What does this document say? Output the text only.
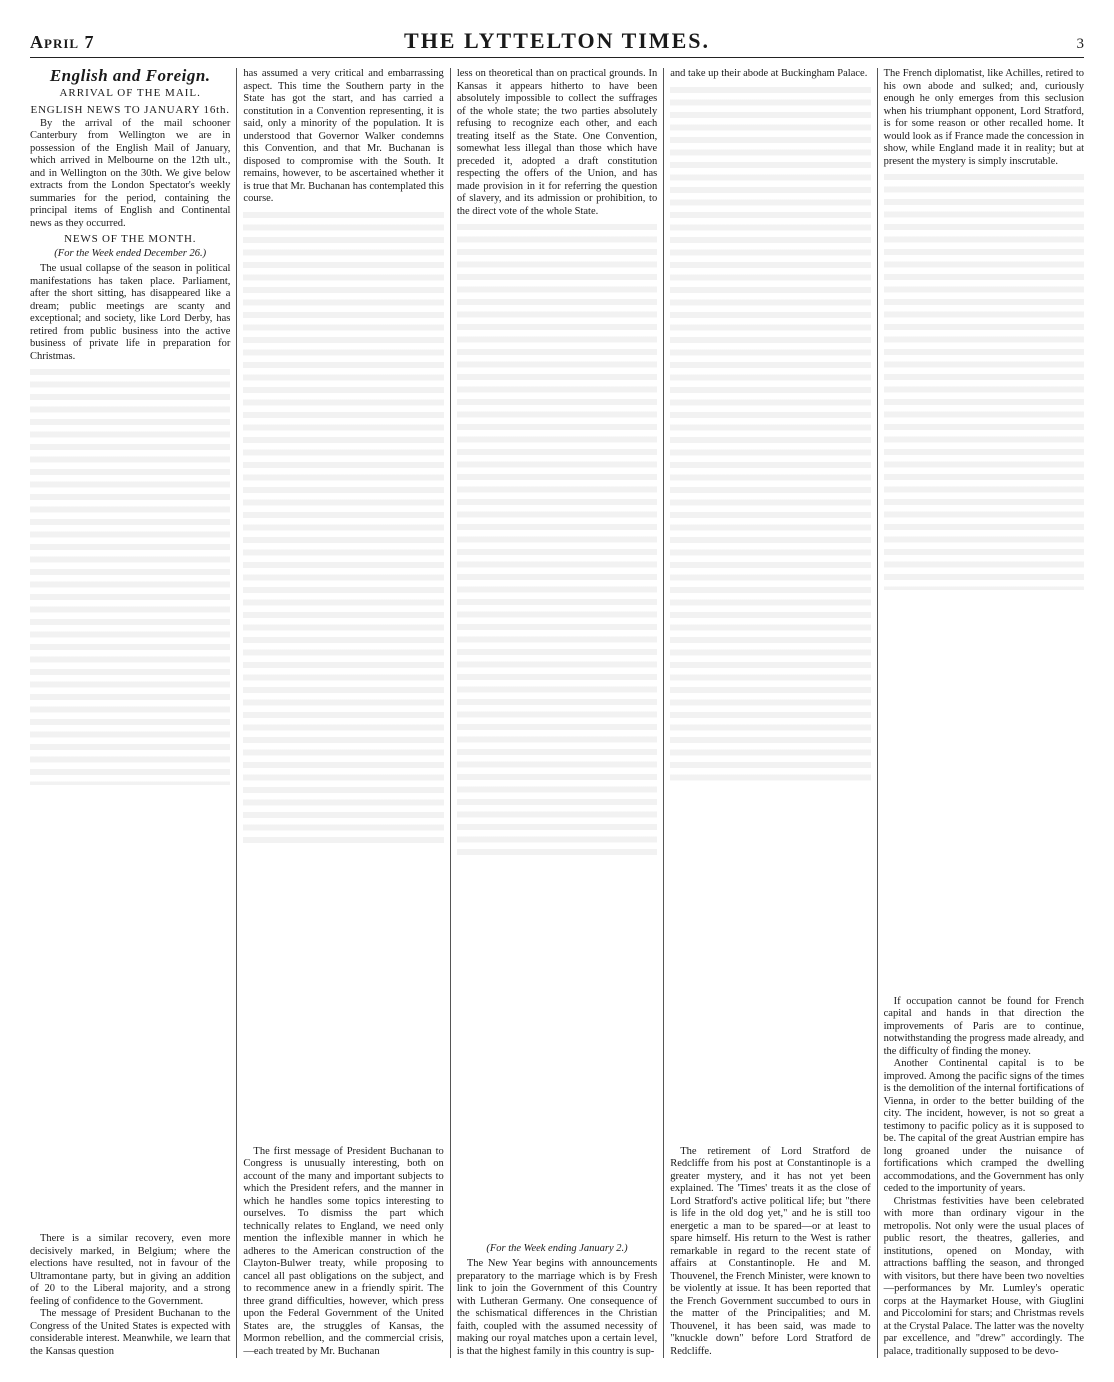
April 7	THE LYTTELTON TIMES.	3
English and Foreign.
ARRIVAL OF THE MAIL.
ENGLISH NEWS TO JANUARY 16th.

By the arrival of the mail schooner Canterbury from Wellington we are in possession of the English Mail of January, which arrived in Melbourne on the 12th ult., and in Wellington on the 30th. We give below extracts from the London Spectator's weekly summaries for the period, containing the principal items of English and Continental news as they occurred.

NEWS OF THE MONTH.
(For the Week ended December 26.)

The usual collapse of the season in political manifestations has taken place. Parliament, after the short sitting, has disappeared like a dream; public meetings are scanty and exceptional; and society, like Lord Derby, has retired from public business into the active business of private life in preparation for Christmas.

There is a similar recovery, even more decisively marked, in Belgium; where the elections have resulted, not in favour of the Ultramontane party, but in giving an addition of 20 to the Liberal majority, and a strong feeling of confidence to the Government.

The message of President Buchanan to the Congress of the United States is expected with considerable interest. Meanwhile, we learn that the Kansas question

has assumed a very critical and embarrassing aspect. This time the Southern party in the State has got the start, and has carried a constitution in a Convention representing, it is said, only a minority of the population. It is understood that Governor Walker condemns this Convention, and that Mr. Buchanan is disposed to compromise with the South. It remains, however, to be ascertained whether it is true that Mr. Buchanan has contemplated this course.

The first message of President Buchanan to Congress is unusually interesting, both on account of the many and important subjects to which the President refers, and the manner in which he handles some topics interesting to ourselves. To dismiss the part which technically relates to England, we need only mention the inflexible manner in which he adheres to the American construction of the Clayton-Bulwer treaty, while proposing to cancel all past obligations on the subject, and to recommence anew in a friendly spirit. The three grand difficulties, however, which press upon the Federal Government of the United States are, the struggles of Kansas, the Mormon rebellion, and the commercial crisis,—each treated by Mr. Buchanan

less on theoretical than on practical grounds. In Kansas it appears hitherto to have been absolutely impossible to collect the suffrages of the whole state; the two parties absolutely refusing to recognize each other, and each treating itself as the State. One Convention, somewhat less illegal than those which have preceded it, adopted a draft constitution respecting the offers of the Union, and has made provision in it for referring the question of slavery, and its admission or prohibition, to the direct vote of the whole State.

(For the Week ending January 2.)

The New Year begins with announcements preparatory to the marriage which is by Fresh link to join the Government of this Country with Lutheran Germany. One consequence of the schismatical differences in the Christian faith, coupled with the assumed necessity of making our royal matches upon a certain level, is that the highest family in this country is sup-

and take up their abode at Buckingham Palace.

The retirement of Lord Stratford de Redcliffe from his post at Constantinople is a greater mystery, and it has not yet been explained. The 'Times' treats it as the close of Lord Stratford's active political life; but "there is life in the old dog yet," and he is still too energetic a man to be spared—or at least to spare himself. His return to the West is rather remarkable in regard to the recent state of affairs at Constantinople. He and M. Thouvenel, the French Minister, were known to be violently at issue. It has been reported that the French Government succumbed to ours in the matter of the Principalities; and M. Thouvenel, it has been said, was made to "knuckle down" before Lord Stratford de Redcliffe.

The French diplomatist, like Achilles, retired to his own abode and sulked; and, curiously enough he only emerges from this seclusion when his triumphant opponent, Lord Stratford, is for some reason or other recalled home. It would look as if France made the concession in show, while England made it in reality; but at present the mystery is simply inscrutable.

If occupation cannot be found for French capital and hands in that direction the improvements of Paris are to continue, notwithstanding the progress made already, and the difficulty of finding the money.

Another Continental capital is to be improved. Among the pacific signs of the times is the demolition of the internal fortifications of Vienna, in order to the better building of the city. The incident, however, is not so great a testimony to pacific policy as it is supposed to be. The capital of the great Austrian empire has long groaned under the nuisance of fortifications which cramped the dwelling accommodations, and the Government has only ceded to the importunity of years.

Christmas festivities have been celebrated with more than ordinary vigour in the metropolis. Not only were the usual places of public resort, the theatres, galleries, and institutions, opened on Monday, with attractions baffling the season, and thronged with visitors, but there have been two novelties—performances by Mr. Lumley's operatic corps at the Haymarket House, with Giuglini and Piccolomini for stars; and Christmas revels at the Crystal Palace. The latter was the novelty par excellence, and "drew" accordingly. The palace, traditionally supposed to be devo-
